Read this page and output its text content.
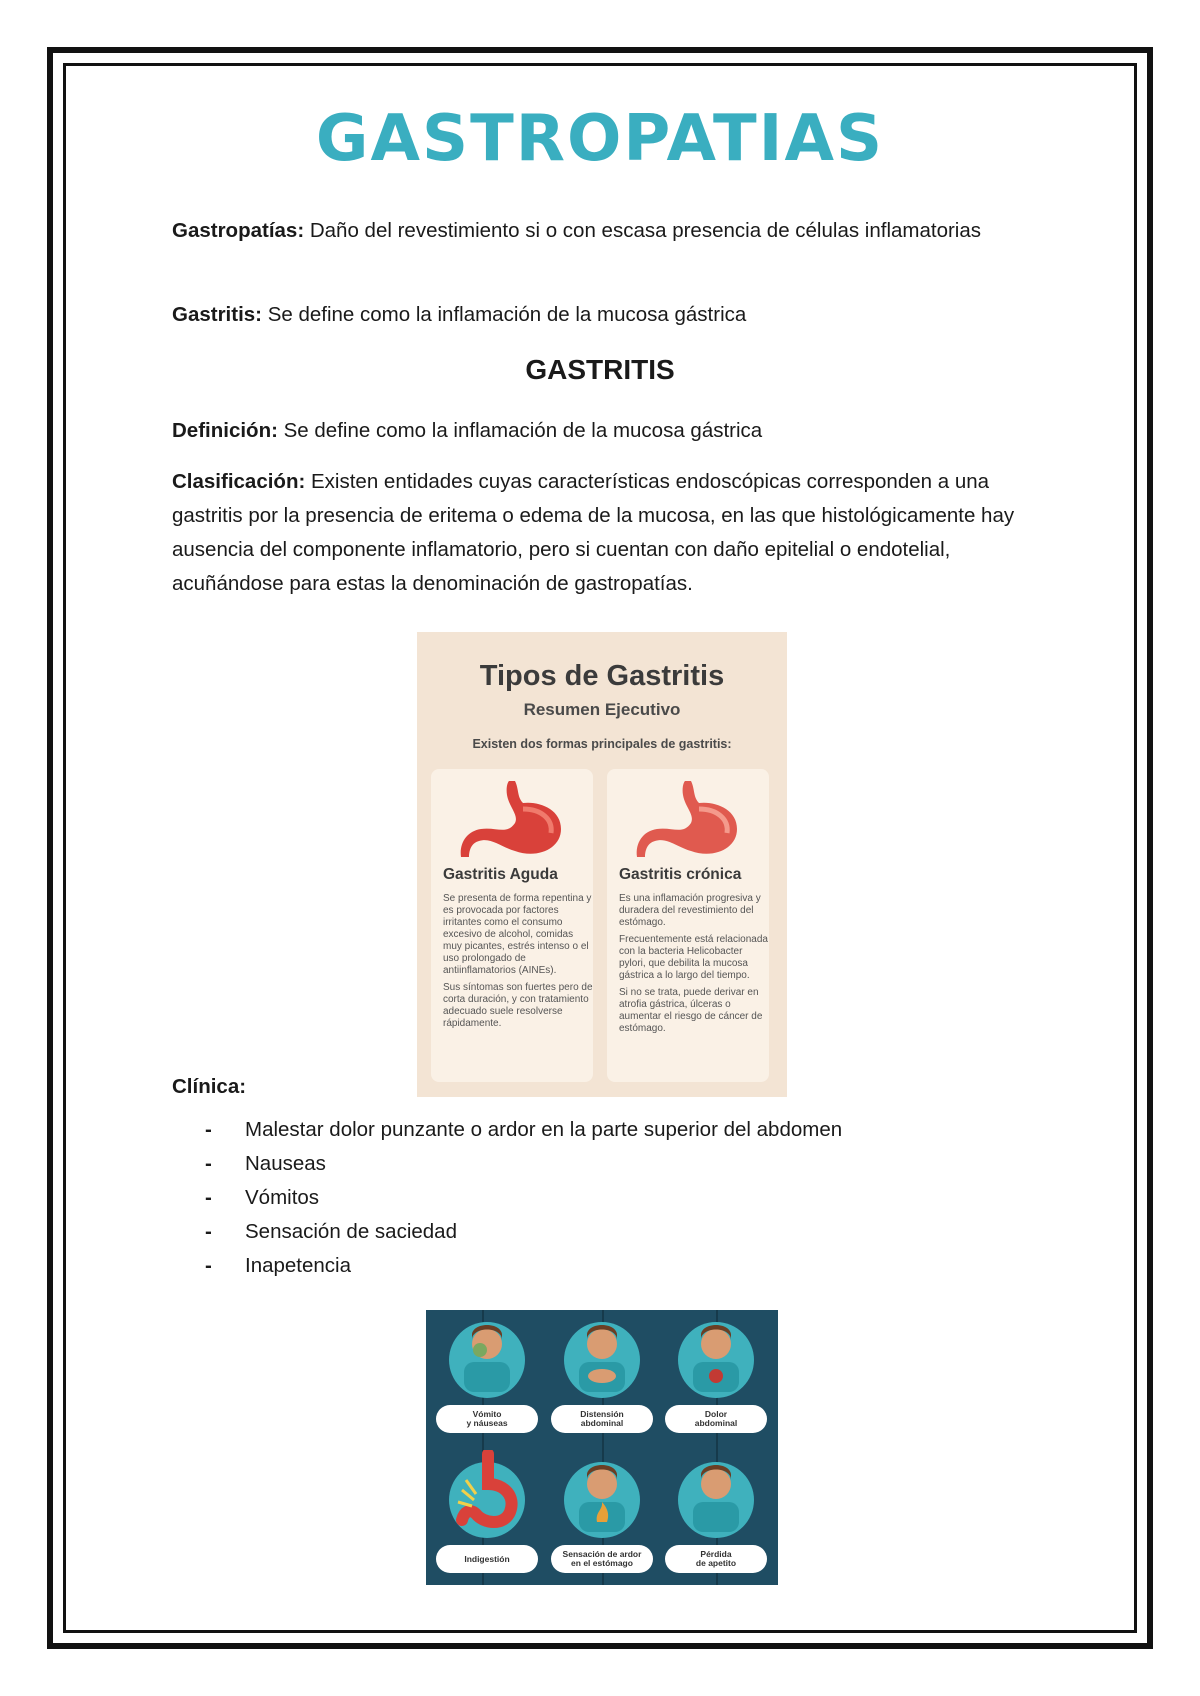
GASTROPATIAS

Gastropatías: Daño del revestimiento si o con escasa presencia de células inflamatorias

Gastritis: Se define como la inflamación de la mucosa gástrica

GASTRITIS

Definición: Se define como la inflamación de la mucosa gástrica

Clasificación: Existen entidades cuyas características endoscópicas corresponden a una gastritis por la presencia de eritema o edema de la mucosa, en las que histológicamente hay ausencia del componente inflamatorio, pero si cuentan con daño epitelial o endotelial, acuñándose para estas la denominación de gastropatías.

Tipos de Gastritis
Resumen Ejecutivo
Existen dos formas principales de gastritis:
Gastritis Aguda

Se presenta de forma repentina y es provocada por factores irritantes como el consumo excesivo de alcohol, comidas muy picantes, estrés intenso o el uso prolongado de antiinflamatorios (AINEs).

Sus síntomas son fuertes pero de corta duración, y con tratamiento adecuado suele resolverse rápidamente.

Gastritis crónica

Es una inflamación progresiva y duradera del revestimiento del estómago.

Frecuentemente está relacionada con la bacteria Helicobacter pylori, que debilita la mucosa gástrica a lo largo del tiempo.

Si no se trata, puede derivar en atrofia gástrica, úlceras o aumentar el riesgo de cáncer de estómago.

Clínica:
- Malestar dolor punzante o ardor en la parte superior del abdomen
- Nauseas
- Vómitos
- Sensación de saciedad
- Inapetencia
Vómito
y náuseas
Distensión
abdominal
Dolor
abdominal
Indigestión	Sensación de ardor
en el estómago
Pérdida
de apetito
